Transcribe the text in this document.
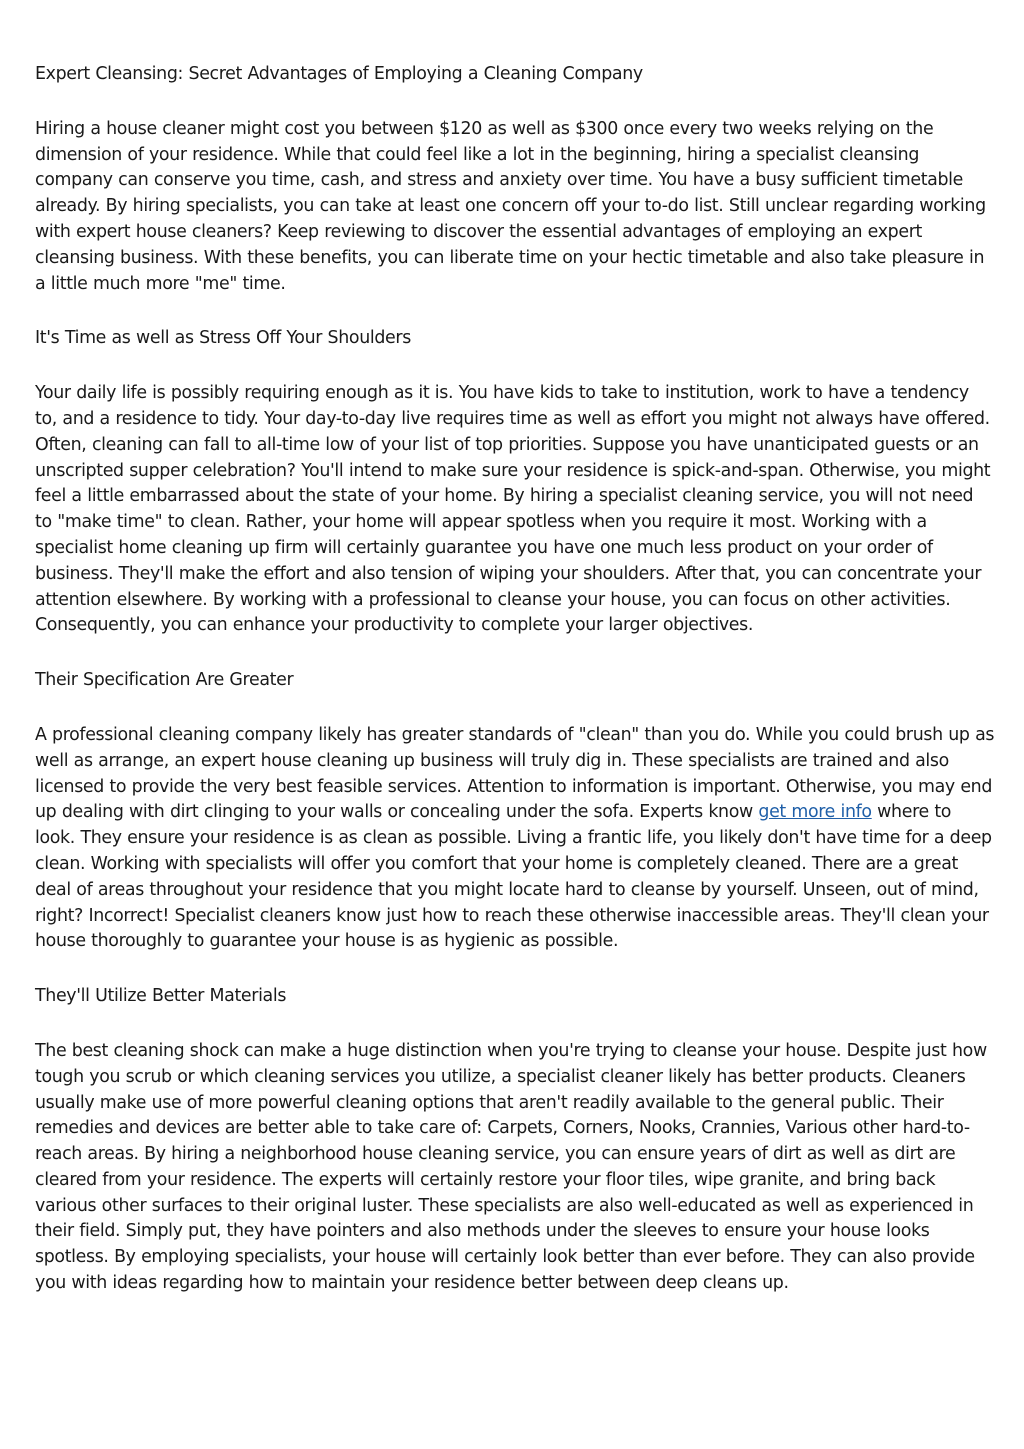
Expert Cleansing: Secret Advantages of Employing a Cleaning Company

Hiring a house cleaner might cost you between $120 as well as $300 once every two weeks relying on the dimension of your residence. While that could feel like a lot in the beginning, hiring a specialist cleansing company can conserve you time, cash, and stress and anxiety over time. You have a busy sufficient timetable already. By hiring specialists, you can take at least one concern off your to-do list. Still unclear regarding working with expert house cleaners? Keep reviewing to discover the essential advantages of employing an expert cleansing business. With these benefits, you can liberate time on your hectic timetable and also take pleasure in a little much more "me" time.

It's Time as well as Stress Off Your Shoulders

Your daily life is possibly requiring enough as it is. You have kids to take to institution, work to have a tendency to, and a residence to tidy. Your day-to-day live requires time as well as effort you might not always have offered. Often, cleaning can fall to all-time low of your list of top priorities. Suppose you have unanticipated guests or an unscripted supper celebration? You'll intend to make sure your residence is spick-and-span. Otherwise, you might feel a little embarrassed about the state of your home. By hiring a specialist cleaning service, you will not need to "make time" to clean. Rather, your home will appear spotless when you require it most. Working with a specialist home cleaning up firm will certainly guarantee you have one much less product on your order of business. They'll make the effort and also tension of wiping your shoulders. After that, you can concentrate your attention elsewhere. By working with a professional to cleanse your house, you can focus on other activities. Consequently, you can enhance your productivity to complete your larger objectives.

Their Specification Are Greater

A professional cleaning company likely has greater standards of "clean" than you do. While you could brush up as well as arrange, an expert house cleaning up business will truly dig in. These specialists are trained and also licensed to provide the very best feasible services. Attention to information is important. Otherwise, you may end up dealing with dirt clinging to your walls or concealing under the sofa. Experts know get more info where to look. They ensure your residence is as clean as possible. Living a frantic life, you likely don't have time for a deep clean. Working with specialists will offer you comfort that your home is completely cleaned. There are a great deal of areas throughout your residence that you might locate hard to cleanse by yourself. Unseen, out of mind, right? Incorrect! Specialist cleaners know just how to reach these otherwise inaccessible areas. They'll clean your house thoroughly to guarantee your house is as hygienic as possible.

They'll Utilize Better Materials

The best cleaning shock can make a huge distinction when you're trying to cleanse your house. Despite just how tough you scrub or which cleaning services you utilize, a specialist cleaner likely has better products. Cleaners usually make use of more powerful cleaning options that aren't readily available to the general public. Their remedies and devices are better able to take care of: Carpets, Corners, Nooks, Crannies, Various other hard-to-reach areas. By hiring a neighborhood house cleaning service, you can ensure years of dirt as well as dirt are cleared from your residence. The experts will certainly restore your floor tiles, wipe granite, and bring back various other surfaces to their original luster. These specialists are also well-educated as well as experienced in their field. Simply put, they have pointers and also methods under the sleeves to ensure your house looks spotless. By employing specialists, your house will certainly look better than ever before. They can also provide you with ideas regarding how to maintain your residence better between deep cleans up.
